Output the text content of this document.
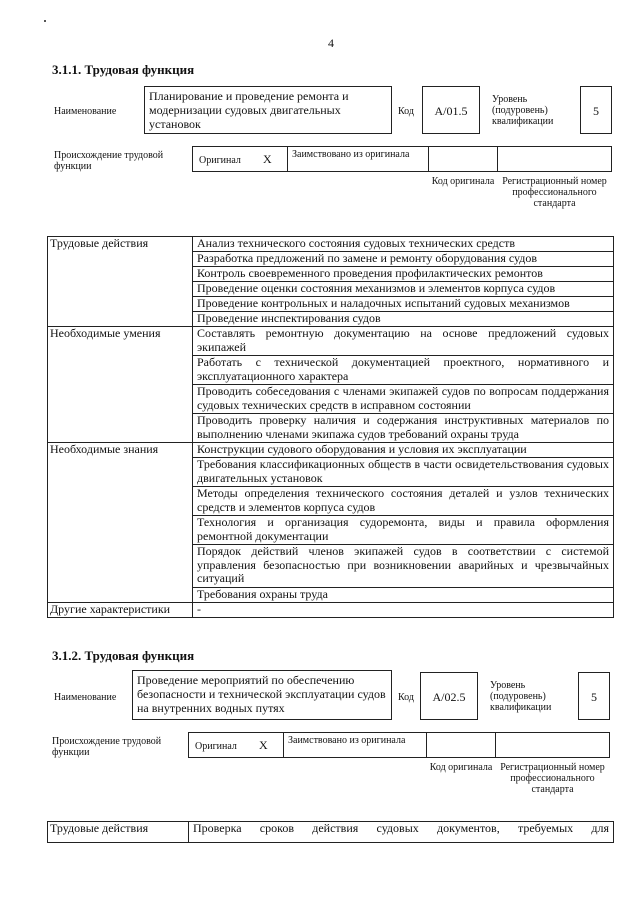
4
3.1.1. Трудовая функция
Наименование
Планирование и проведение ремонта и модернизации судовых двигательных установок
Код	A/01.5
Уровень (подуровень) квалификации
5
Происхождение трудовой функции
Оригинал X	Заимствовано из оригинала
Код оригинала Регистрационный номер профессионального стандарта
Трудовые действия	Анализ технического состояния судовых технических средств
	Разработка предложений по замене и ремонту оборудования судов
	Контроль своевременного проведения профилактических ремонтов
	Проведение оценки состояния механизмов и элементов корпуса судов
	Проведение контрольных и наладочных испытаний судовых механизмов
	Проведение инспектирования судов
Необходимые умения	Составлять ремонтную документацию на основе предложений судовых экипажей
	Работать с технической документацией проектного, нормативного и эксплуатационного характера
	Проводить собеседования с членами экипажей судов по вопросам поддержания судовых технических средств в исправном состоянии
	Проводить проверку наличия и содержания инструктивных материалов по выполнению членами экипажа судов требований охраны труда
Необходимые знания	Конструкции судового оборудования и условия их эксплуатации
	Требования классификационных обществ в части освидетельствования судовых двигательных установок
	Методы определения технического состояния деталей и узлов технических средств и элементов корпуса судов
	Технология и организация судоремонта, виды и правила оформления ремонтной документации
	Порядок действий членов экипажей судов в соответствии с системой управления безопасностью при возникновении аварийных и чрезвычайных ситуаций
	Требования охраны труда
Другие характеристики	-
3.1.2. Трудовая функция
Наименование
Проведение мероприятий по обеспечению безопасности и технической эксплуатации судов на внутренних водных путях
Код	A/02.5
Уровень (подуровень) квалификации
5
Происхождение трудовой функции
Оригинал X	Заимствовано из оригинала
Код оригинала Регистрационный номер профессионального стандарта
Трудовые действия	Проверка сроков действия судовых документов, требуемых для
